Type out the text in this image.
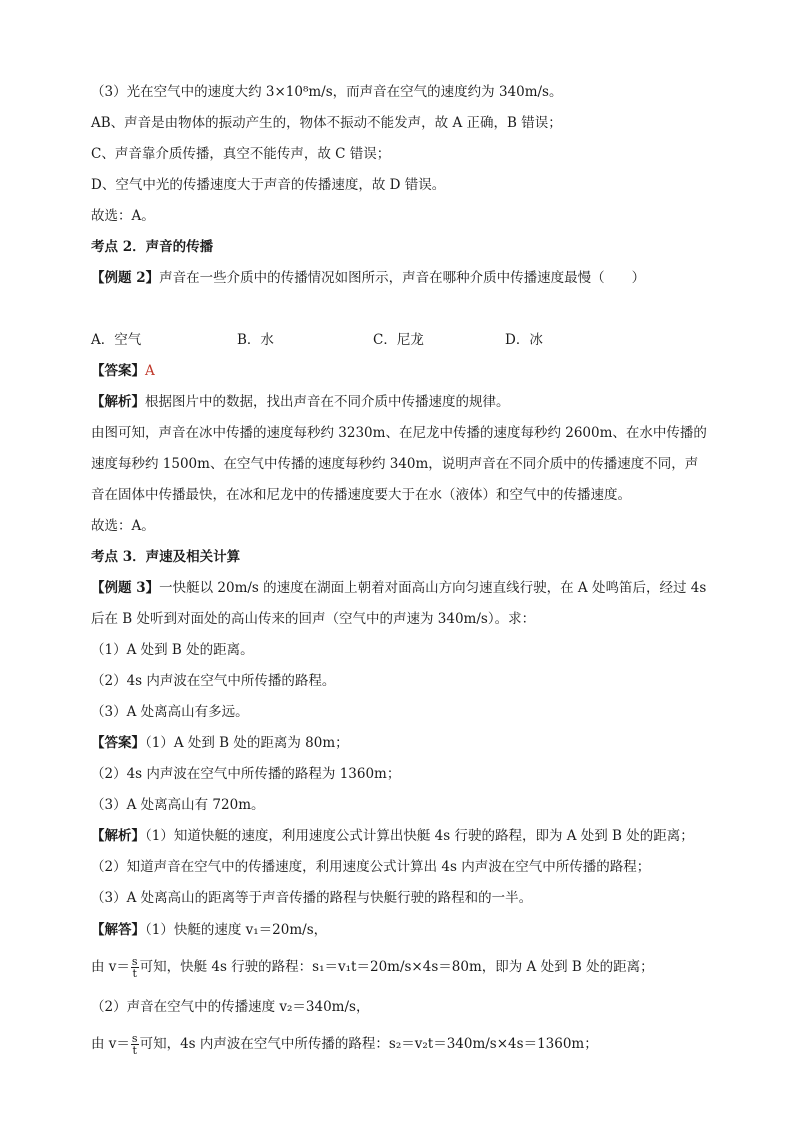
（3）光在空气中的速度大约 3×10⁸m/s，而声音在空气的速度约为 340m/s。
AB、声音是由物体的振动产生的，物体不振动不能发声，故 A 正确，B 错误；
C、声音靠介质传播，真空不能传声，故 C 错误；
D、空气中光的传播速度大于声音的传播速度，故 D 错误。
故选：A。
考点 2．声音的传播
【例题 2】声音在一些介质中的传播情况如图所示，声音在哪种介质中传播速度最慢（　　）
A．空气	B．水	C．尼龙	D．冰
【答案】A
【解析】根据图片中的数据，找出声音在不同介质中传播速度的规律。
由图可知，声音在冰中传播的速度每秒约 3230m、在尼龙中传播的速度每秒约 2600m、在水中传播的
速度每秒约 1500m、在空气中传播的速度每秒约 340m，说明声音在不同介质中的传播速度不同，声
音在固体中传播最快，在冰和尼龙中的传播速度要大于在水（液体）和空气中的传播速度。
故选：A。
考点 3．声速及相关计算
【例题 3】一快艇以 20m/s 的速度在湖面上朝着对面高山方向匀速直线行驶，在 A 处鸣笛后，经过 4s
后在 B 处听到对面处的高山传来的回声（空气中的声速为 340m/s）。求：
（1）A 处到 B 处的距离。
（2）4s 内声波在空气中所传播的路程。
（3）A 处离高山有多远。
【答案】（1）A 处到 B 处的距离为 80m；
（2）4s 内声波在空气中所传播的路程为 1360m；
（3）A 处离高山有 720m。
【解析】（1）知道快艇的速度，利用速度公式计算出快艇 4s 行驶的路程，即为 A 处到 B 处的距离；
（2）知道声音在空气中的传播速度，利用速度公式计算出 4s 内声波在空气中所传播的路程；
（3）A 处离高山的距离等于声音传播的路程与快艇行驶的路程和的一半。
【解答】（1）快艇的速度 v₁＝20m/s，
由 $v= \frac{s}{t}$ 可知，快艇 4s 行驶的路程：s₁＝v₁t＝20m/s×4s＝80m，即为 A 处到 B 处的距离；
（2）声音在空气中的传播速度 v₂＝340m/s，
由 $v= \frac{s}{t}$ 可知，4s 内声波在空气中所传播的路程：s₂＝v₂t＝340m/s×4s＝1360m；
